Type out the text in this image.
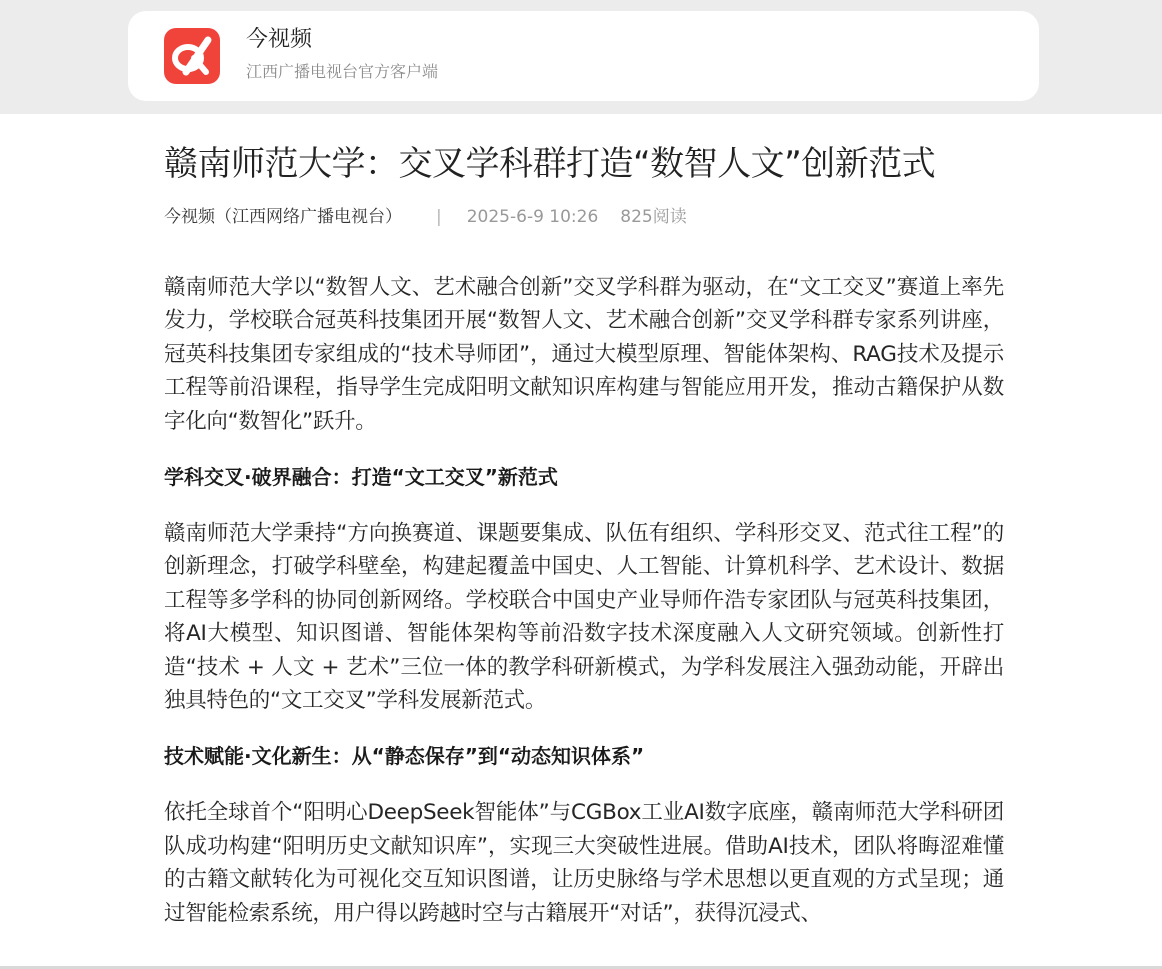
今视频
江西广播电视台官方客户端
赣南师范大学：交叉学科群打造“数智人文”创新范式
今视频（江西网络广播电视台） | 2025-6-9 10:26 825阅读

赣南师范大学以“数智人文、艺术融合创新”交叉学科群为驱动，在“文工交叉”赛道上率先发力，学校联合冠英科技集团开展“数智人文、艺术融合创新”交叉学科群专家系列讲座，冠英科技集团专家组成的“技术导师团”，通过大模型原理、智能体架构、RAG技术及提示工程等前沿课程，指导学生完成阳明文献知识库构建与智能应用开发，推动古籍保护从数字化向“数智化”跃升。

学科交叉·破界融合：打造“文工交叉”新范式

赣南师范大学秉持“方向换赛道、课题要集成、队伍有组织、学科形交叉、范式往工程”的创新理念，打破学科壁垒，构建起覆盖中国史、人工智能、计算机科学、艺术设计、数据工程等多学科的协同创新网络。学校联合中国史产业导师仵浩专家团队与冠英科技集团，将AI大模型、知识图谱、智能体架构等前沿数字技术深度融入人文研究领域。创新性打造“技术 + 人文 + 艺术”三位一体的教学科研新模式，为学科发展注入强劲动能，开辟出独具特色的“文工交叉”学科发展新范式。

技术赋能·文化新生：从“静态保存”到“动态知识体系”

依托全球首个“阳明心DeepSeek智能体”与CGBox工业AI数字底座，赣南师范大学科研团队成功构建“阳明历史文献知识库”，实现三大突破性进展。借助AI技术，团队将晦涩难懂的古籍文献转化为可视化交互知识图谱，让历史脉络与学术思想以更直观的方式呈现；通过智能检索系统，用户得以跨越时空与古籍展开“对话”，获得沉浸式、
